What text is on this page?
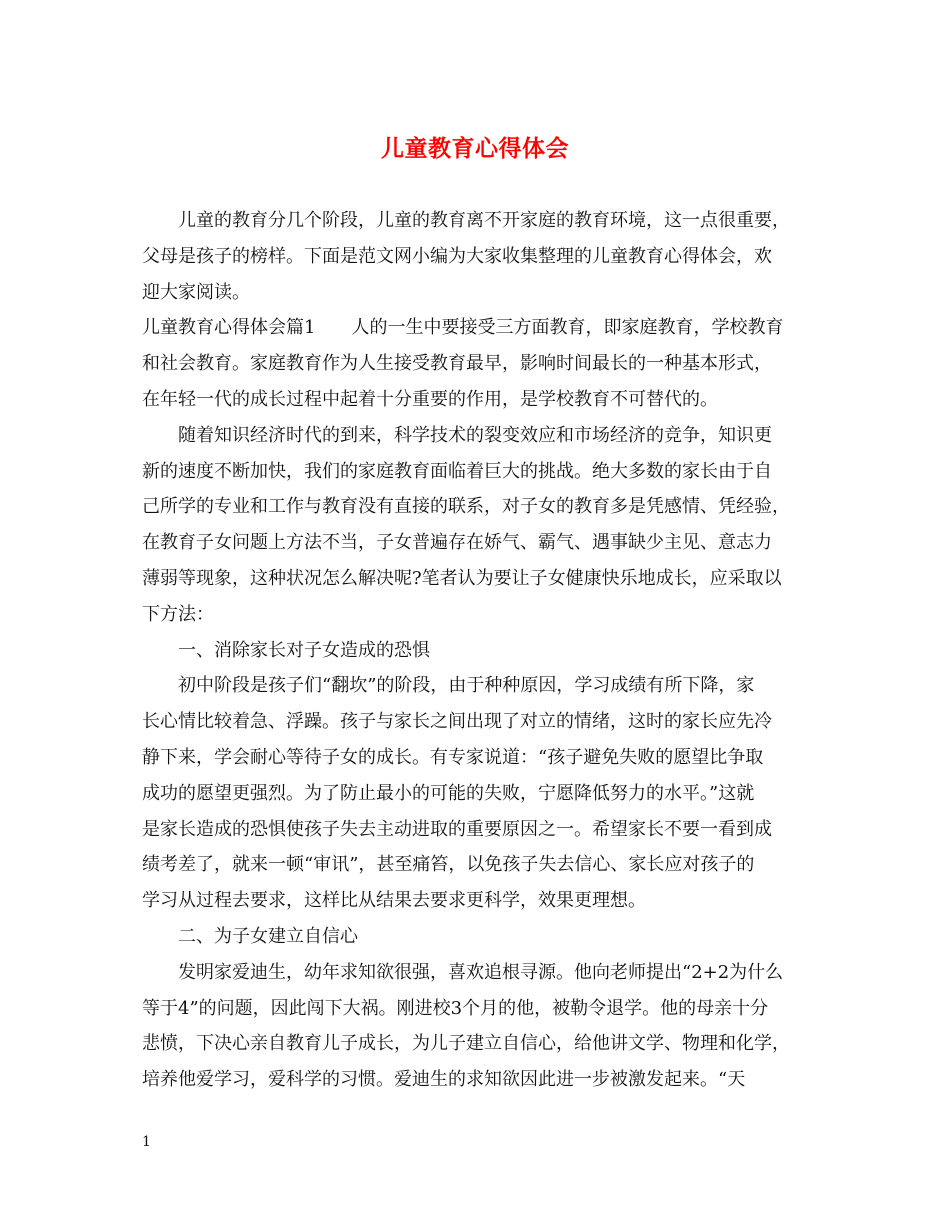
儿童教育心得体会

　　儿童的教育分几个阶段，儿童的教育离不开家庭的教育环境，这一点很重要，

父母是孩子的榜样。下面是范文网小编为大家收集整理的儿童教育心得体会，欢

迎大家阅读。

儿童教育心得体会篇1　　人的一生中要接受三方面教育，即家庭教育，学校教育

和社会教育。家庭教育作为人生接受教育最早，影响时间最长的一种基本形式，

在年轻一代的成长过程中起着十分重要的作用，是学校教育不可替代的。

　　随着知识经济时代的到来，科学技术的裂变效应和市场经济的竞争，知识更

新的速度不断加快，我们的家庭教育面临着巨大的挑战。绝大多数的家长由于自

己所学的专业和工作与教育没有直接的联系，对子女的教育多是凭感情、凭经验，

在教育子女问题上方法不当，子女普遍存在娇气、霸气、遇事缺少主见、意志力

薄弱等现象，这种状况怎么解决呢?笔者认为要让子女健康快乐地成长，应采取以

下方法：

　　一、消除家长对子女造成的恐惧

　　初中阶段是孩子们“翻坎”的阶段，由于种种原因，学习成绩有所下降，家

长心情比较着急、浮躁。孩子与家长之间出现了对立的情绪，这时的家长应先冷

静下来，学会耐心等待子女的成长。有专家说道：“孩子避免失败的愿望比争取

成功的愿望更强烈。为了防止最小的可能的失败，宁愿降低努力的水平。”这就

是家长造成的恐惧使孩子失去主动进取的重要原因之一。希望家长不要一看到成

绩考差了，就来一顿“审讯”，甚至痛笞，以免孩子失去信心、家长应对孩子的

学习从过程去要求，这样比从结果去要求更科学，效果更理想。

　　二、为子女建立自信心

　　发明家爱迪生，幼年求知欲很强，喜欢追根寻源。他向老师提出“2+2为什么

等于4”的问题，因此闯下大祸。刚进校3个月的他，被勒令退学。他的母亲十分

悲愤，下决心亲自教育儿子成长，为儿子建立自信心，给他讲文学、物理和化学，

培养他爱学习，爱科学的习惯。爱迪生的求知欲因此进一步被激发起来。“天

1
